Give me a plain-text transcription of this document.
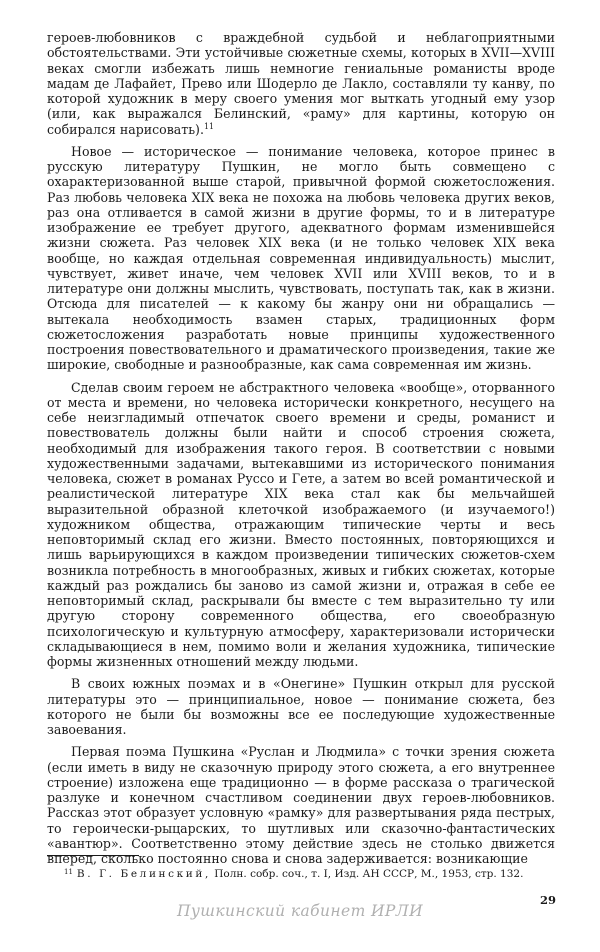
героев-любовников с враждебной судьбой и неблагоприятными обстоятельствами. Эти устойчивые сюжетные схемы, которых в XVII—XVIII веках смогли избежать лишь немногие гениальные романисты вроде мадам де Лафайет, Прево или Шодерло де Лакло, составляли ту канву, по которой художник в меру своего умения мог выткать угодный ему узор (или, как выражался Белинский, «раму» для картины, которую он собирался нарисовать).$^{11}$

Новое — историческое — понимание человека, которое принес в русскую литературу Пушкин, не могло быть совмещено с охарактеризованной выше старой, привычной формой сюжетосложения. Раз любовь человека XIX века не похожа на любовь человека других веков, раз она отливается в самой жизни в другие формы, то и в литературе изображение ее требует другого, адекватного формам изменившейся жизни сюжета. Раз человек XIX века (и не только человек XIX века вообще, но каждая отдельная современная индивидуальность) мыслит, чувствует, живет иначе, чем человек XVII или XVIII веков, то и в литературе они должны мыслить, чувствовать, поступать так, как в жизни. Отсюда для писателей — к какому бы жанру они ни обращались — вытекала необходимость взамен старых, традиционных форм сюжетосложения разработать новые принципы художественного построения повествовательного и драматического произведения, такие же широкие, свободные и разнообразные, как сама современная им жизнь.

Сделав своим героем не абстрактного человека «вообще», оторванного от места и времени, но человека исторически конкретного, несущего на себе неизгладимый отпечаток своего времени и среды, романист и повествователь должны были найти и способ строения сюжета, необходимый для изображения такого героя. В соответствии с новыми художественными задачами, вытекавшими из исторического понимания человека, сюжет в романах Руссо и Гете, а затем во всей романтической и реалистической литературе XIX века стал как бы мельчайшей выразительной образной клеточкой изображаемого (и изучаемого!) художником общества, отражающим типические черты и весь неповторимый склад его жизни. Вместо постоянных, повторяющихся и лишь варьирующихся в каждом произведении типических сюжетов-схем возникла потребность в многообразных, живых и гибких сюжетах, которые каждый раз рождались бы заново из самой жизни и, отражая в себе ее неповторимый склад, раскрывали бы вместе с тем выразительно ту или другую сторону современного общества, его своеобразную психологическую и культурную атмосферу, характеризовали исторически складывающиеся в нем, помимо воли и желания художника, типические формы жизненных отношений между людьми.

В своих южных поэмах и в «Онегине» Пушкин открыл для русской литературы это — принципиальное, новое — понимание сюжета, без которого не были бы возможны все ее последующие художественные завоевания.

Первая поэма Пушкина «Руслан и Людмила» с точки зрения сюжета (если иметь в виду не сказочную природу этого сюжета, а его внутреннее строение) изложена еще традиционно — в форме рассказа о трагической разлуке и конечном счастливом соединении двух героев-любовников. Рассказ этот образует условную «рамку» для развертывания ряда пестрых, то героически-рыцарских, то шутливых или сказочно-фантастических «авантюр». Соответственно этому действие здесь не столько движется вперед, сколько постоянно снова и снова задерживается: возникающие

$^{11}$ В. Г. Белинский, Полн. собр. соч., т. I, Изд. АН СССР, М., 1953, стр. 132.
29
Пушкинский кабинет ИРЛИ
